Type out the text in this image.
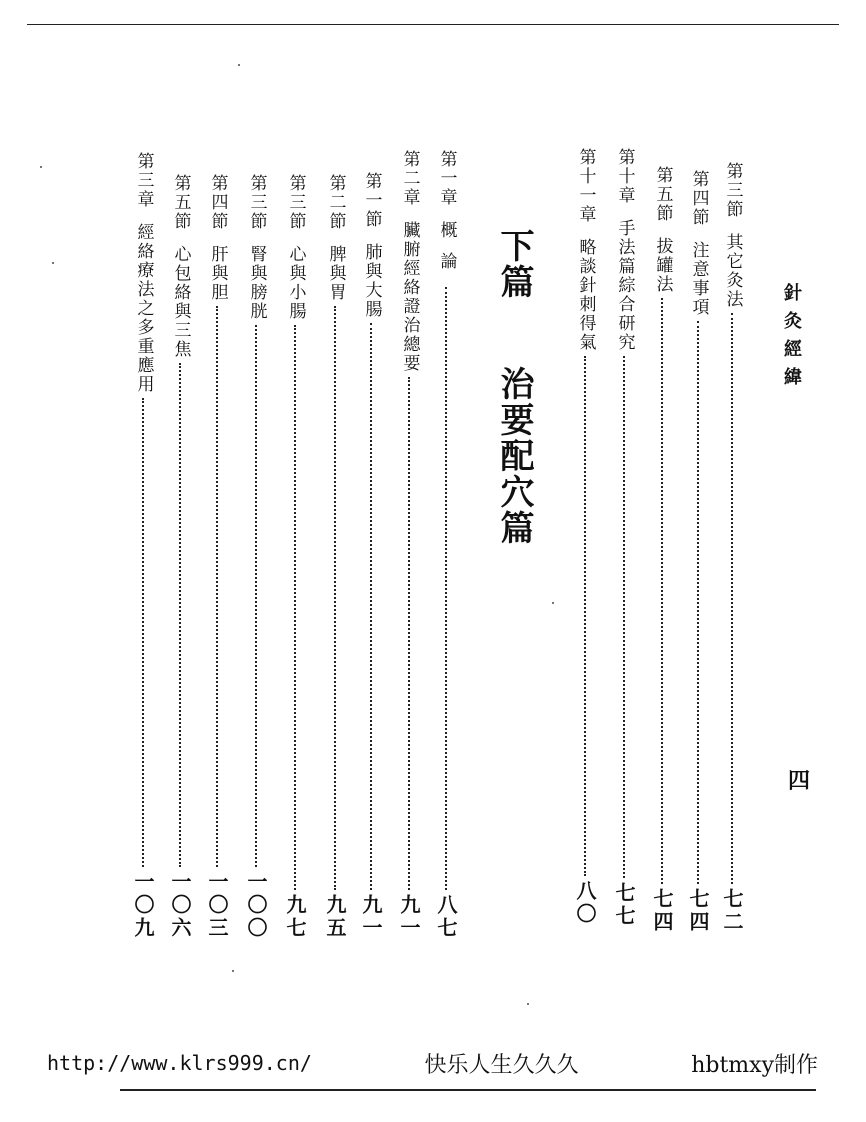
針灸經緯
四
第三節
其它灸法
七二
第四節
注意事項
七四
第五節
拔罐法
七四
第十章
手法篇綜合研究
七七
第十一章
略談針刺得氣
八〇
下篇 治要配穴篇
第一章
概論
八七
第二章
臟腑經絡證治總要
九一
第一節
肺與大腸
九一
第二節
脾與胃
九五
第三節
心與小腸
九七
第三節
腎與膀胱
一〇〇
第四節
肝與胆
一〇三
第五節
心包絡與三焦
一〇六
第三章
經絡療法之多重應用
一〇九
http://www.klrs999.cn/	快乐人生久久久	hbtmxy制作
